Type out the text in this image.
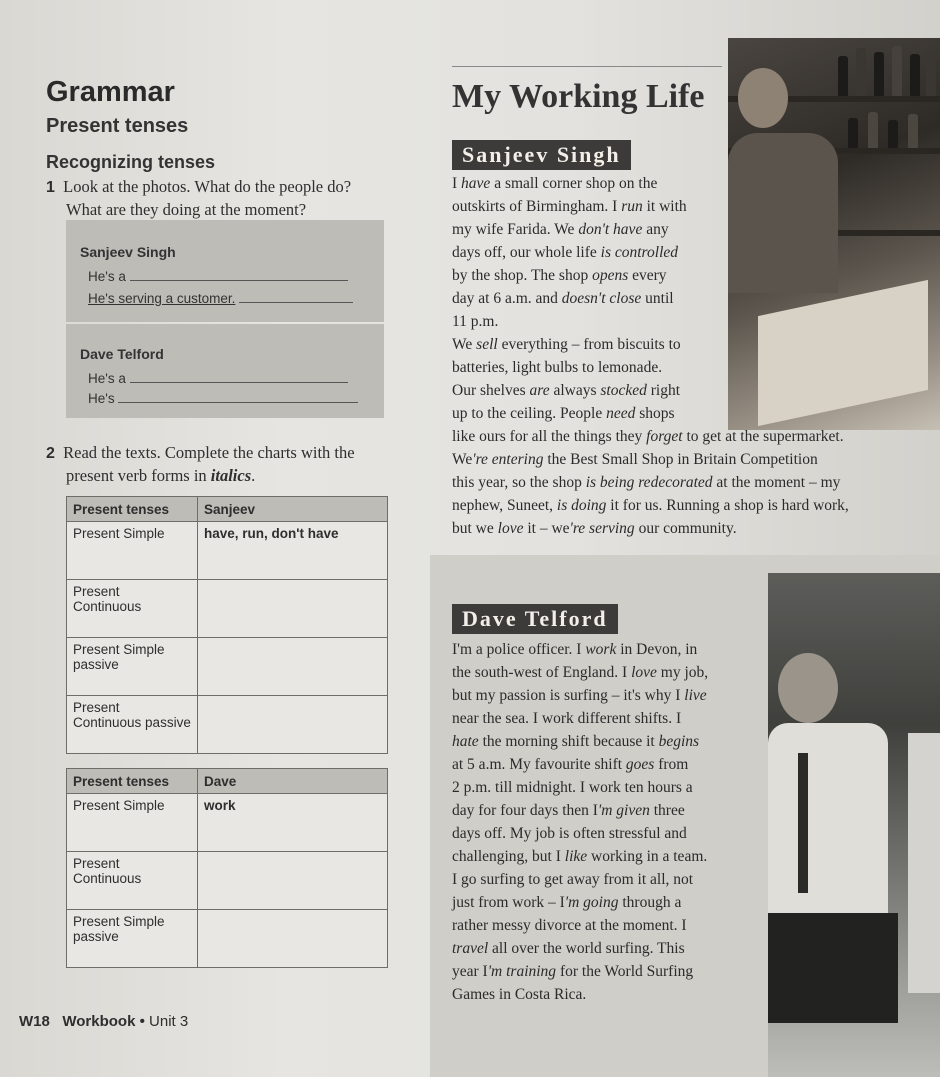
Grammar
Present tenses
Recognizing tenses
1 Look at the photos. What do the people do?
What are they doing at the moment?
Sanjeev Singh
He's a
He's serving a customer.
Dave Telford
He's a
He's
2 Read the texts. Complete the charts with the
present verb forms in italics.
Present tenses	Sanjeev
Present Simple	have, run, don't have
Present Continuous	
Present Simple passive	
Present Continuous passive	
Present tenses	Dave
Present Simple	work
Present Continuous	
Present Simple passive	
W18 Workbook • Unit 3
My Working Life
Sanjeev Singh
I have a small corner shop on the
outskirts of Birmingham. I run it with
my wife Farida. We don't have any
days off, our whole life is controlled
by the shop. The shop opens every
day at 6 a.m. and doesn't close until
11 p.m.
We sell everything – from biscuits to
batteries, light bulbs to lemonade.
Our shelves are always stocked right
up to the ceiling. People need shops
like ours for all the things they forget to get at the supermarket.
We're entering the Best Small Shop in Britain Competition
this year, so the shop is being redecorated at the moment – my
nephew, Suneet, is doing it for us. Running a shop is hard work,
but we love it – we're serving our community.
Dave Telford
I'm a police officer. I work in Devon, in
the south-west of England. I love my job,
but my passion is surfing – it's why I live
near the sea. I work different shifts. I
hate the morning shift because it begins
at 5 a.m. My favourite shift goes from
2 p.m. till midnight. I work ten hours a
day for four days then I'm given three
days off. My job is often stressful and
challenging, but I like working in a team.
I go surfing to get away from it all, not
just from work – I'm going through a
rather messy divorce at the moment. I
travel all over the world surfing. This
year I'm training for the World Surfing
Games in Costa Rica.
